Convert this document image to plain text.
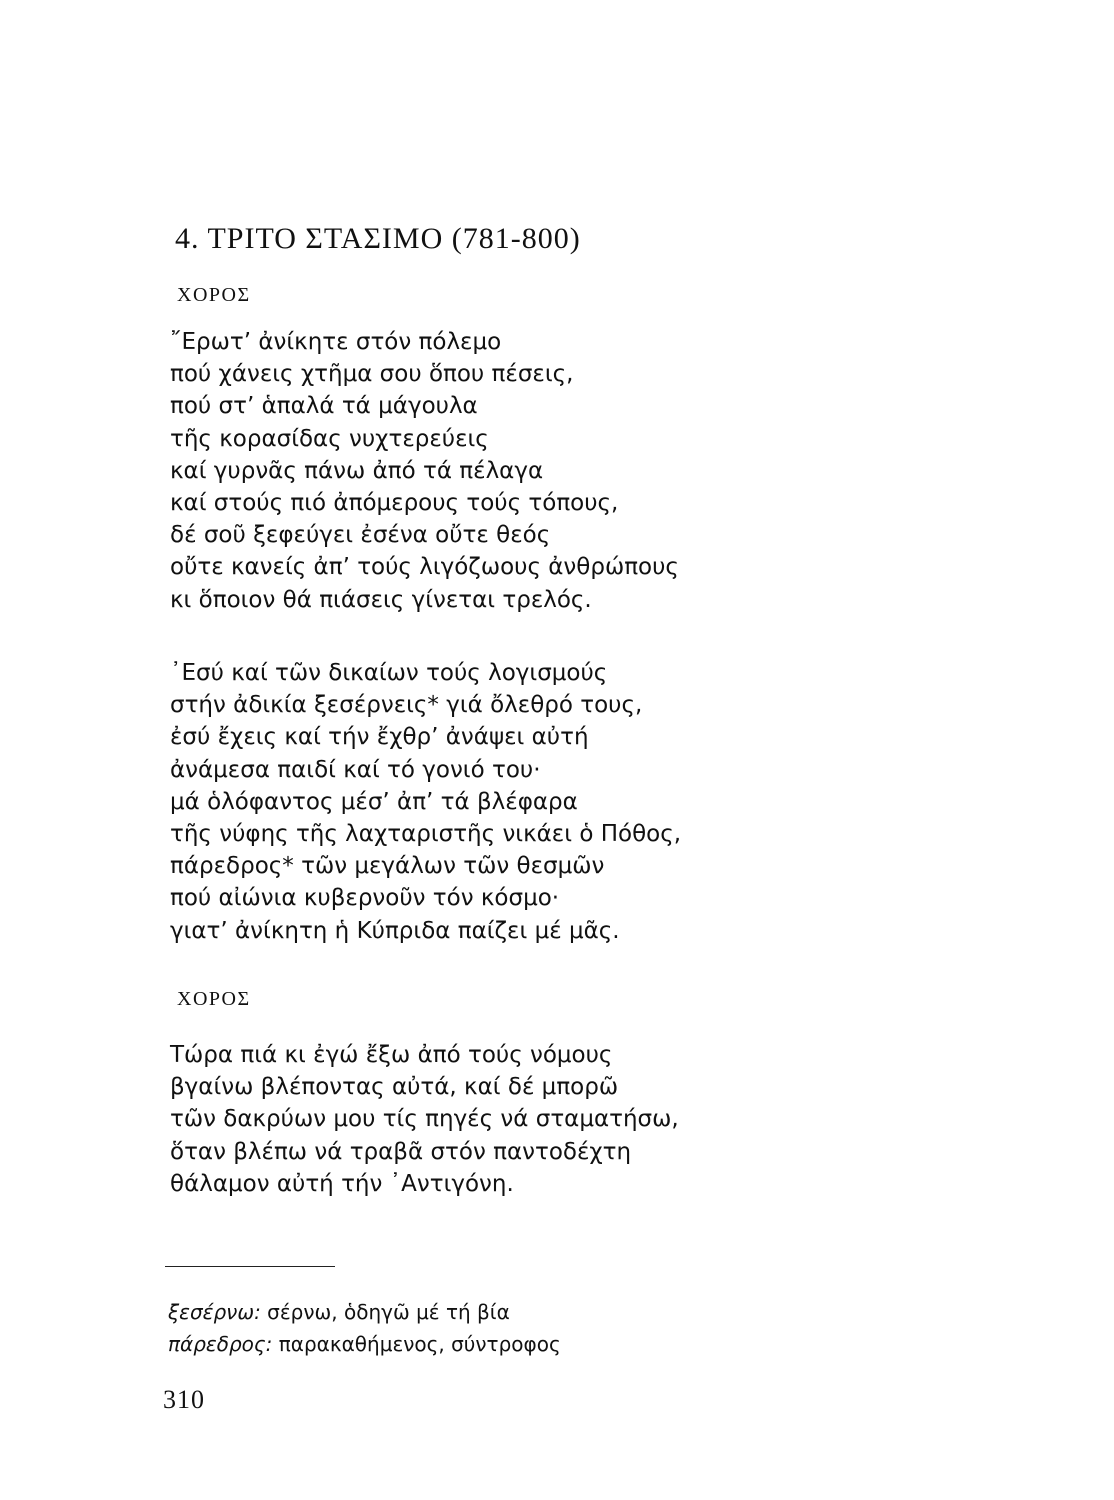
4. ΤΡΙΤΟ ΣΤΑΣΙΜΟ (781-800)
ΧΟΡΟΣ
῎Ερωτ’ ἀνίκητε στόν πόλεμο
πού χάνεις χτῆμα σου ὅπου πέσεις,
πού στ’ ἁπαλά τά μάγουλα
τῆς κορασίδας νυχτερεύεις
καί γυρνᾶς πάνω ἀπό τά πέλαγα
καί στούς πιό ἀπόμερους τούς τόπους,
δέ σοῦ ξεφεύγει ἐσένα οὔτε θεός
οὔτε κανείς ἀπ’ τούς λιγόζωους ἀνθρώπους
κι ὅποιον θά πιάσεις γίνεται τρελός.
᾿Εσύ καί τῶν δικαίων τούς λογισμούς
στήν ἀδικία ξεσέρνεις* γιά ὄλεθρό τους,
ἐσύ ἔχεις καί τήν ἔχθρ’ ἀνάψει αὐτή
ἀνάμεσα παιδί καί τό γονιό του·
μά ὁλόφαντος μέσ’ ἀπ’ τά βλέφαρα
τῆς νύφης τῆς λαχταριστῆς νικάει ὁ Πόθος,
πάρεδρος* τῶν μεγάλων τῶν θεσμῶν
πού αἰώνια κυβερνοῦν τόν κόσμο·
γιατ’ ἀνίκητη ἡ Κύπριδα παίζει μέ μᾶς.
ΧΟΡΟΣ
Τώρα πιά κι ἐγώ ἔξω ἀπό τούς νόμους
βγαίνω βλέποντας αὐτά, καί δέ μπορῶ
τῶν δακρύων μου τίς πηγές νά σταματήσω,
ὅταν βλέπω νά τραβᾶ στόν παντοδέχτη
θάλαμον αὐτή τήν ᾿Αντιγόνη.
ξεσέρνω: σέρνω, ὁδηγῶ μέ τή βία
πάρεδρος: παρακαθήμενος, σύντροφος
310
